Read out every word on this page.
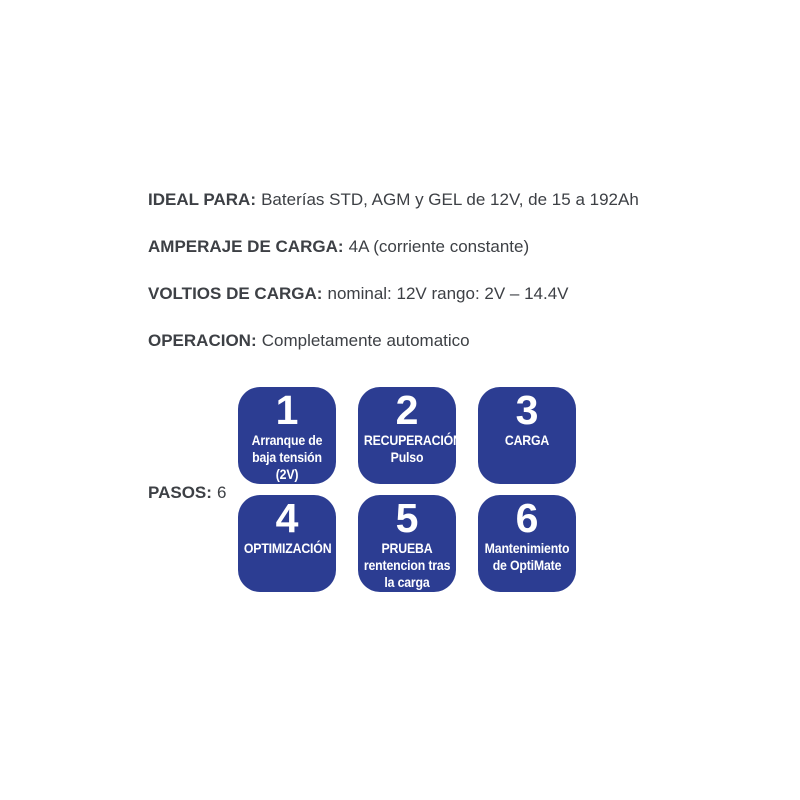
IDEAL PARA: Baterías STD, AGM y GEL de 12V, de 15 a 192Ah

AMPERAJE DE CARGA: 4A (corriente constante)

VOLTIOS DE CARGA: nominal: 12V rango: 2V – 14.4V

OPERACION: Completamente automatico

PASOS: 6

1
Arranque de
baja tensión
(2V)
2
RECUPERACIÓN
Pulso
3
CARGA
4
OPTIMIZACIÓN
5
PRUEBA
rentencion tras
la carga
6
Mantenimiento
de OptiMate
